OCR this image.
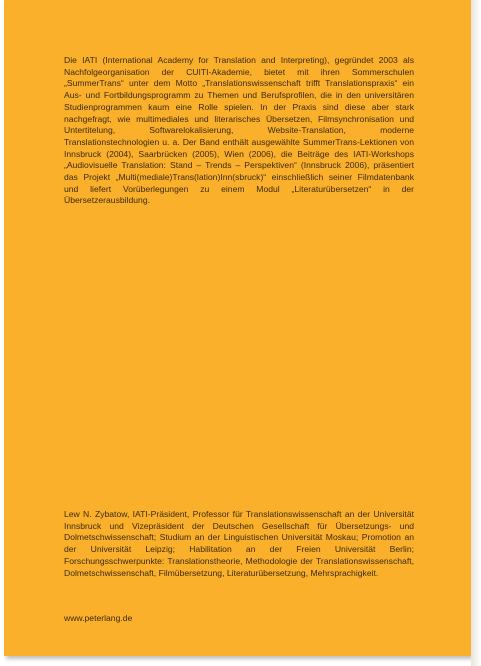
Die IATI (International Academy for Translation and Interpreting), gegründet 2003 als Nachfolgeorganisation der CUITI-Akademie, bietet mit ihren Sommerschulen „SummerTrans“ unter dem Motto „Translationswissenschaft trifft Translationspraxis“ ein Aus- und Fortbildungsprogramm zu Themen und Berufsprofilen, die in den universitären Studienprogrammen kaum eine Rolle spielen. In der Praxis sind diese aber stark nachgefragt, wie multimediales und literarisches Übersetzen, Filmsynchronisation und Untertitelung, Softwarelokalisierung, Website-Translation, moderne Translationstechnologien u. a. Der Band enthält ausgewählte SummerTrans-Lektionen von Innsbruck (2004), Saarbrücken (2005), Wien (2006), die Beiträge des IATI-Workshops „Audiovisuelle Translation: Stand – Trends – Perspektiven“ (Innsbruck 2006), präsentiert das Projekt „Multi(mediale)Trans(lation)Inn(sbruck)“ einschließlich seiner Filmdatenbank und liefert Vorüberlegungen zu einem Modul „Literaturübersetzen“ in der Übersetzerausbildung.

Lew N. Zybatow, IATI-Präsident, Professor für Translationswissenschaft an der Universität Innsbruck und Vizepräsident der Deutschen Gesellschaft für Übersetzungs- und Dolmetschwissenschaft; Studium an der Linguistischen Universität Moskau; Promotion an der Universität Leipzig; Habilitation an der Freien Universität Berlin; Forschungsschwerpunkte: Translationstheorie, Methodologie der Translationswissenschaft, Dolmetschwissenschaft, Filmübersetzung, Literaturübersetzung, Mehrsprachigkeit.

www.peterlang.de
